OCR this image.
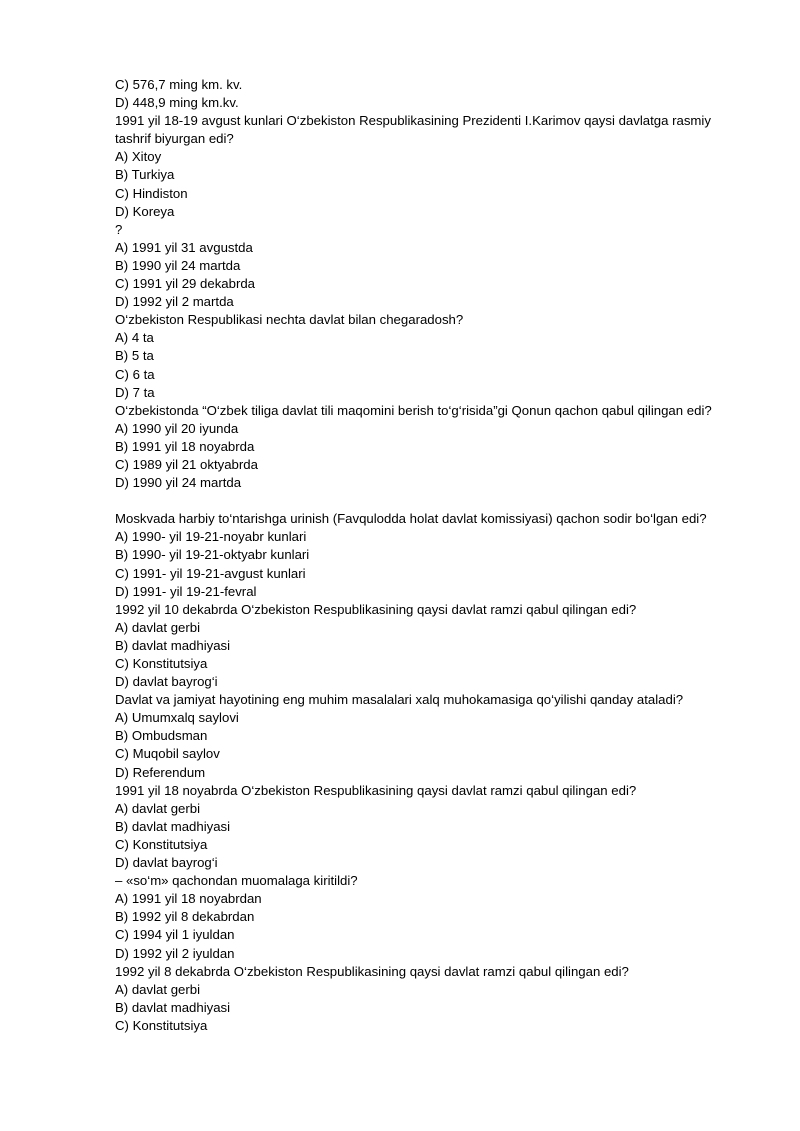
C) 576,7 ming km. kv.
D) 448,9 ming km.kv.
1991 yil 18-19 avgust kunlari O‘zbekiston Respublikasining Prezidenti I.Karimov qaysi davlatga rasmiy
tashrif biyurgan edi?
A) Xitoy
B) Turkiya
C) Hindiston
D) Koreya
?
A) 1991 yil 31 avgustda
B) 1990 yil 24 martda
C) 1991 yil 29 dekabrda
D) 1992 yil 2 martda
O‘zbekiston Respublikasi nechta davlat bilan chegaradosh?
A) 4 ta
B) 5 ta
C) 6 ta
D) 7 ta
O‘zbekistonda “O‘zbek tiliga davlat tili maqomini berish to‘g‘risida”gi Qonun qachon qabul qilingan edi?
A) 1990 yil 20 iyunda
B) 1991 yil 18 noyabrda
C) 1989 yil 21 oktyabrda
D) 1990 yil 24 martda
Moskvada harbiy to‘ntarishga urinish (Favqulodda holat davlat komissiyasi) qachon sodir bo‘lgan edi?
A) 1990- yil 19-21-noyabr kunlari
B) 1990- yil 19-21-oktyabr kunlari
C) 1991- yil 19-21-avgust kunlari
D) 1991- yil 19-21-fevral
1992 yil 10 dekabrda O‘zbekiston Respublikasining qaysi davlat ramzi qabul qilingan edi?
A) davlat gerbi
B) davlat madhiyasi
C) Konstitutsiya
D) davlat bayrog‘i
Davlat va jamiyat hayotining eng muhim masalalari xalq muhokamasiga qo‘yilishi qanday ataladi?
A) Umumxalq saylovi
B) Ombudsman
C) Muqobil saylov
D) Referendum
1991 yil 18 noyabrda O‘zbekiston Respublikasining qaysi davlat ramzi qabul qilingan edi?
A) davlat gerbi
B) davlat madhiyasi
C) Konstitutsiya
D) davlat bayrog‘i
– «so‘m» qachondan muomalaga kiritildi?
A) 1991 yil 18 noyabrdan
B) 1992 yil 8 dekabrdan
C) 1994 yil 1 iyuldan
D) 1992 yil 2 iyuldan
1992 yil 8 dekabrda O‘zbekiston Respublikasining qaysi davlat ramzi qabul qilingan edi?
A) davlat gerbi
B) davlat madhiyasi
C) Konstitutsiya
